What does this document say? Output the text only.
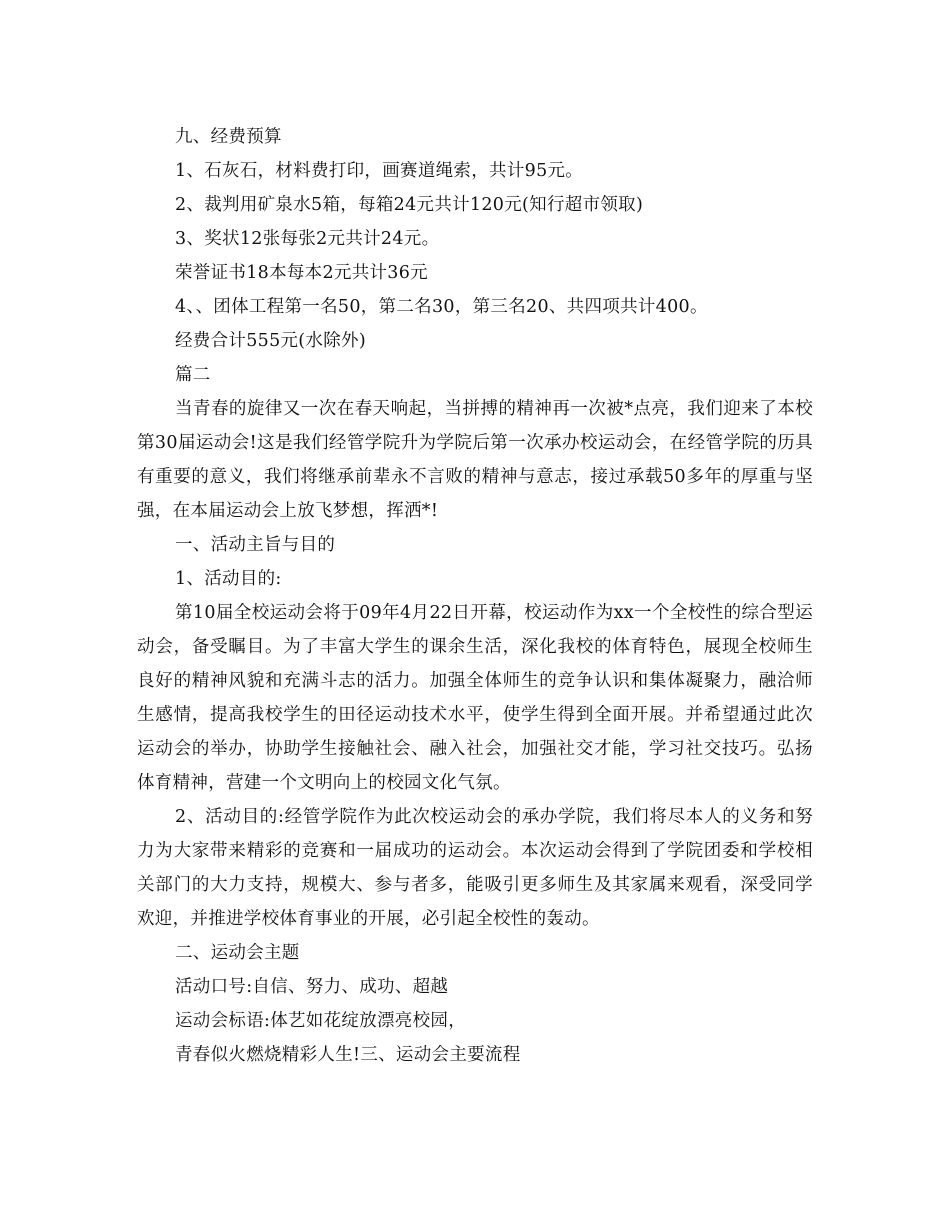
九、经费预算

1、石灰石，材料费打印，画赛道绳索，共计95元。

2、裁判用矿泉水5箱，每箱24元共计120元(知行超市领取)

3、奖状12张每张2元共计24元。

荣誉证书18本每本2元共计36元

4、、团体工程第一名50，第二名30，第三名20、共四项共计400。

经费合计555元(水除外)

篇二

当青春的旋律又一次在春天响起，当拼搏的精神再一次被*点亮，我们迎来了本校第30届运动会!这是我们经管学院升为学院后第一次承办校运动会，在经管学院的历具有重要的意义，我们将继承前辈永不言败的精神与意志，接过承载50多年的厚重与坚强，在本届运动会上放飞梦想，挥洒*!

一、活动主旨与目的

1、活动目的:

第10届全校运动会将于09年4月22日开幕，校运动作为xx一个全校性的综合型运动会，备受瞩目。为了丰富大学生的课余生活，深化我校的体育特色，展现全校师生良好的精神风貌和充满斗志的活力。加强全体师生的竞争认识和集体凝聚力，融洽师生感情，提高我校学生的田径运动技术水平，使学生得到全面开展。并希望通过此次运动会的举办，协助学生接触社会、融入社会，加强社交才能，学习社交技巧。弘扬体育精神，营建一个文明向上的校园文化气氛。

2、活动目的:经管学院作为此次校运动会的承办学院，我们将尽本人的义务和努力为大家带来精彩的竞赛和一届成功的运动会。本次运动会得到了学院团委和学校相关部门的大力支持，规模大、参与者多，能吸引更多师生及其家属来观看，深受同学欢迎，并推进学校体育事业的开展，必引起全校性的轰动。

二、运动会主题

活动口号:自信、努力、成功、超越

运动会标语:体艺如花绽放漂亮校园，

青春似火燃烧精彩人生!三、运动会主要流程
